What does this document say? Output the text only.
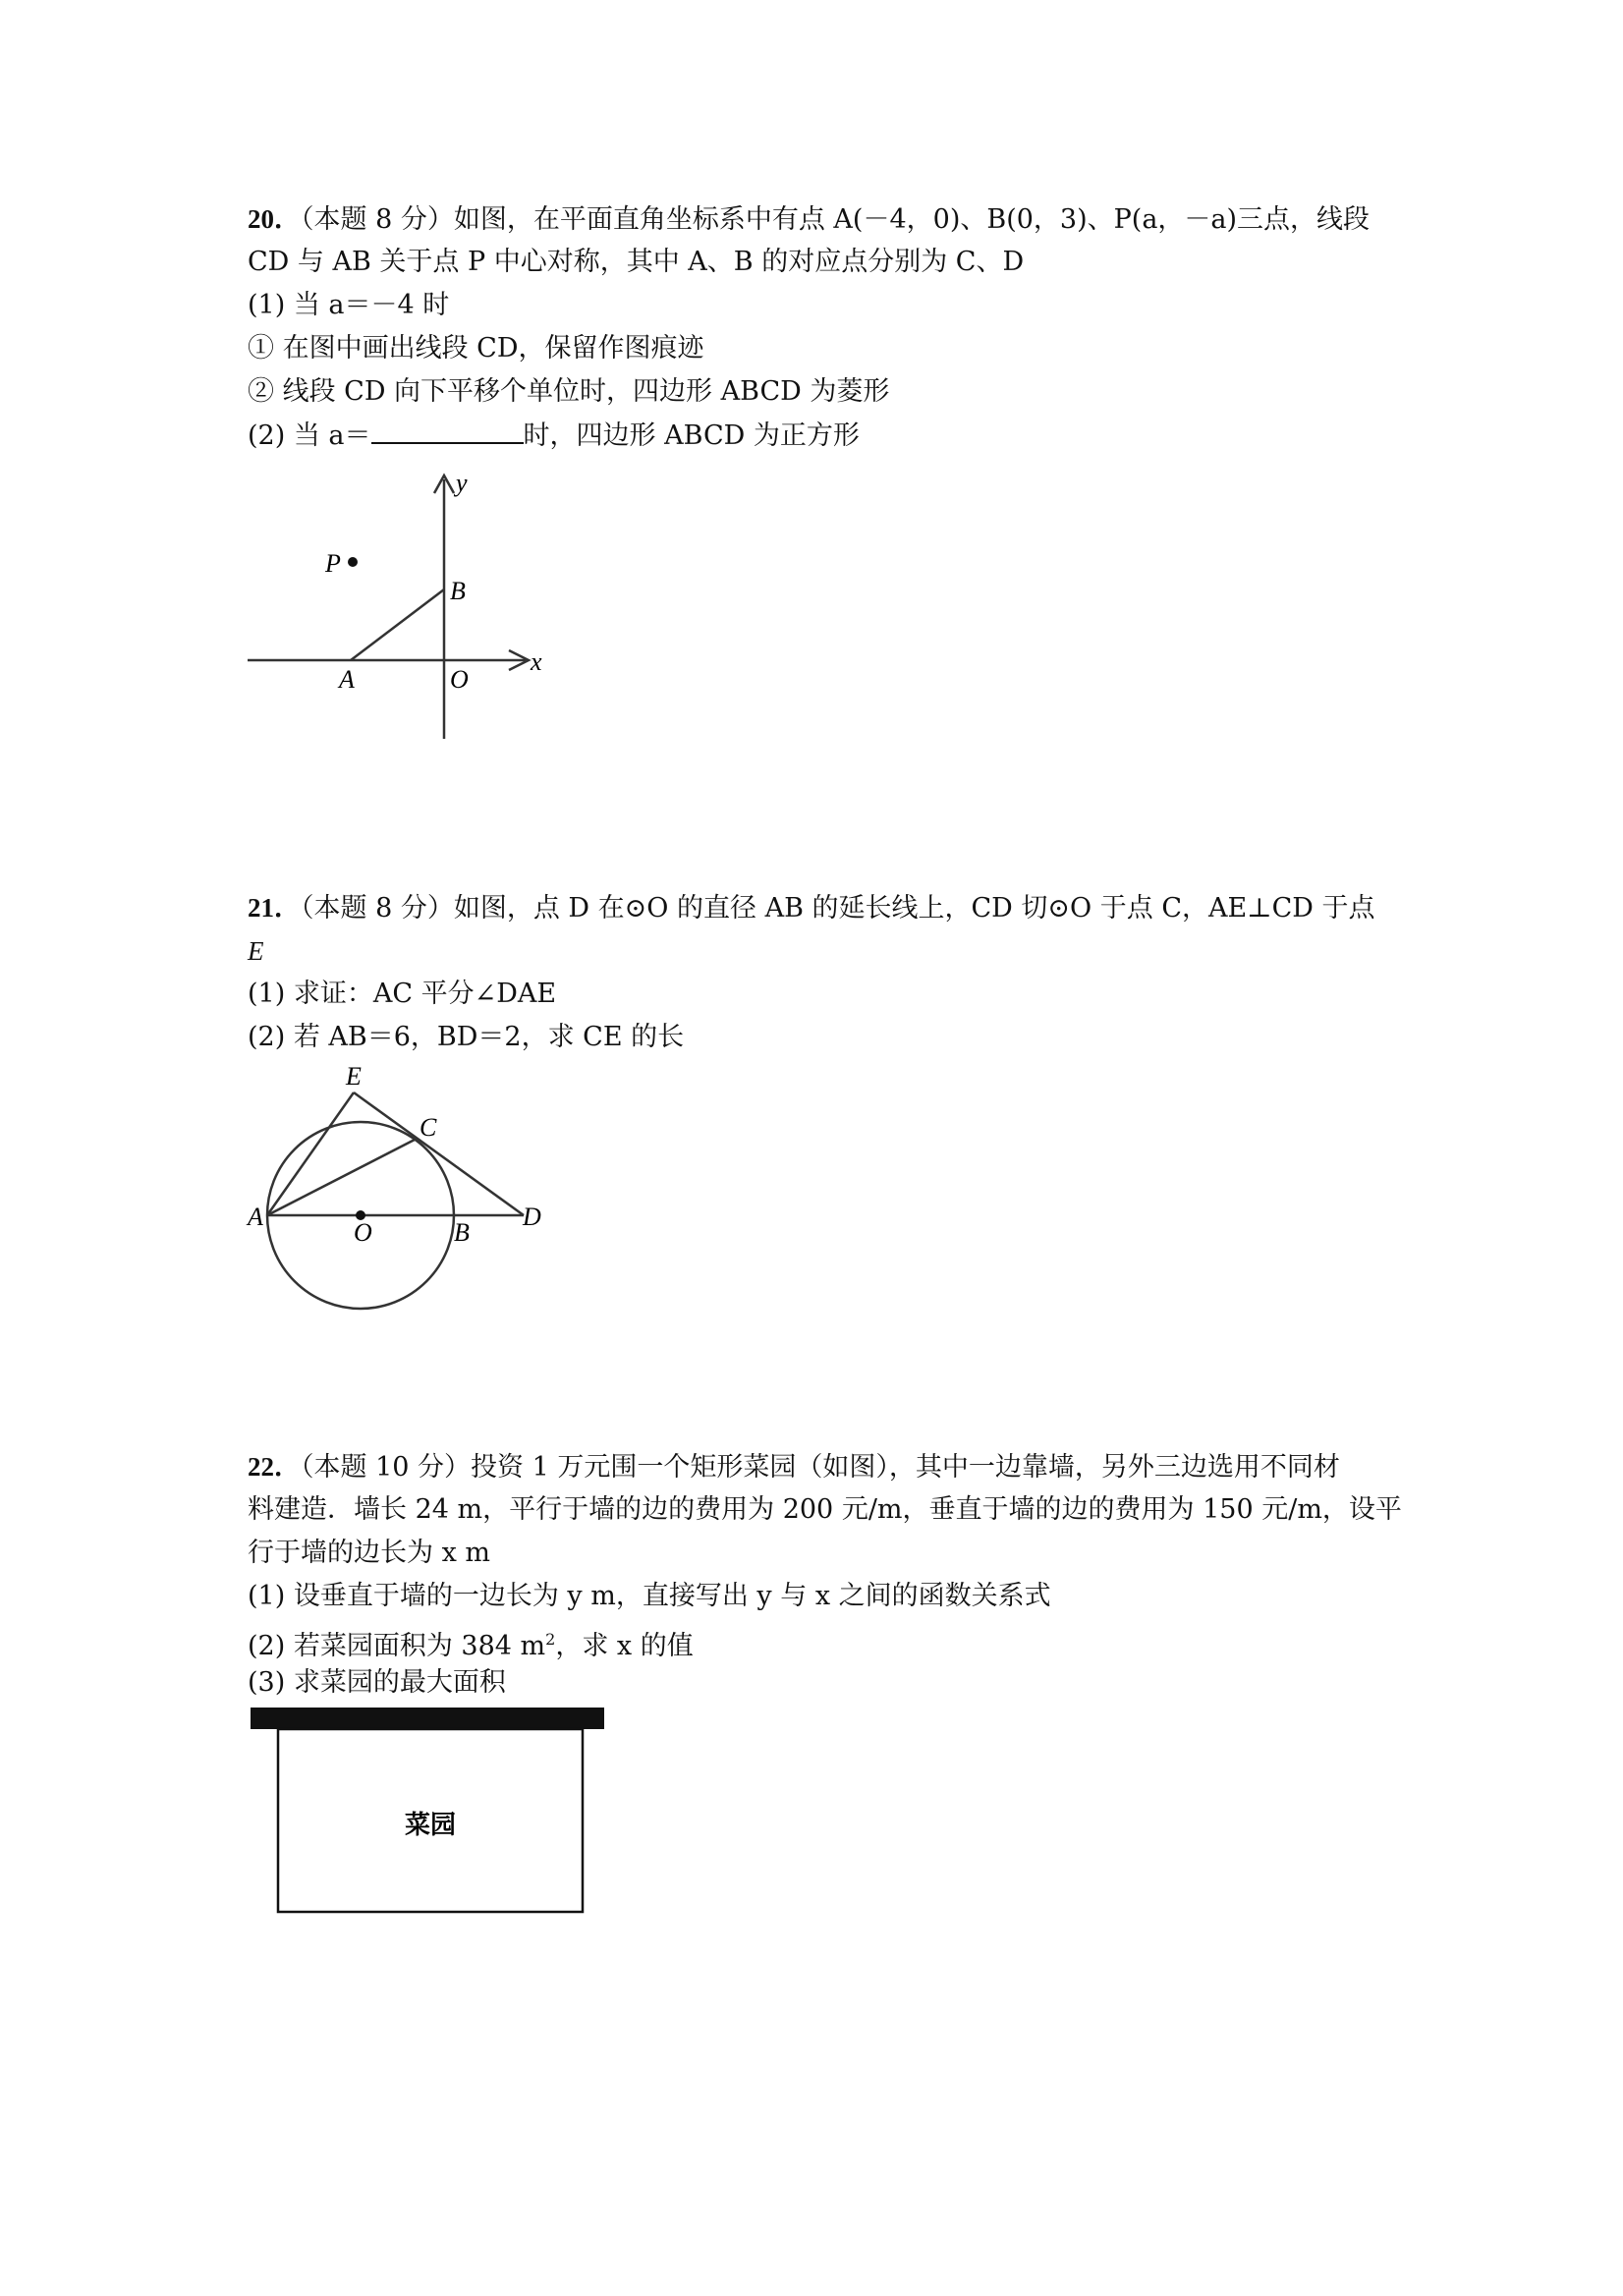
20．（本题 8 分）如图，在平面直角坐标系中有点 A(－4，0)、B(0，3)、P(a，－a)三点，线段
CD 与 AB 关于点 P 中心对称，其中 A、B 的对应点分别为 C、D
(1) 当 a＝－4 时
① 在图中画出线段 CD，保留作图痕迹
② 线段 CD 向下平移个单位时，四边形 ABCD 为菱形
(2) 当 a＝	时，四边形 ABCD 为正方形
y
x
P
B
A	O
21．（本题 8 分）如图，点 D 在⊙O 的直径 AB 的延长线上，CD 切⊙O 于点 C，AE⊥CD 于点
E
(1) 求证：AC 平分∠DAE
(2) 若 AB＝6，BD＝2，求 CE 的长
E
C
A
O	B
D
22．（本题 10 分）投资 1 万元围一个矩形菜园（如图），其中一边靠墙，另外三边选用不同材
料建造．墙长 24 m，平行于墙的边的费用为 200 元/m，垂直于墙的边的费用为 150 元/m，设平
行于墙的边长为 x m
(1) 设垂直于墙的一边长为 y m，直接写出 y 与 x 之间的函数关系式
(2) 若菜园面积为 384 $m^2$，求 x 的值
(3) 求菜园的最大面积
菜园
